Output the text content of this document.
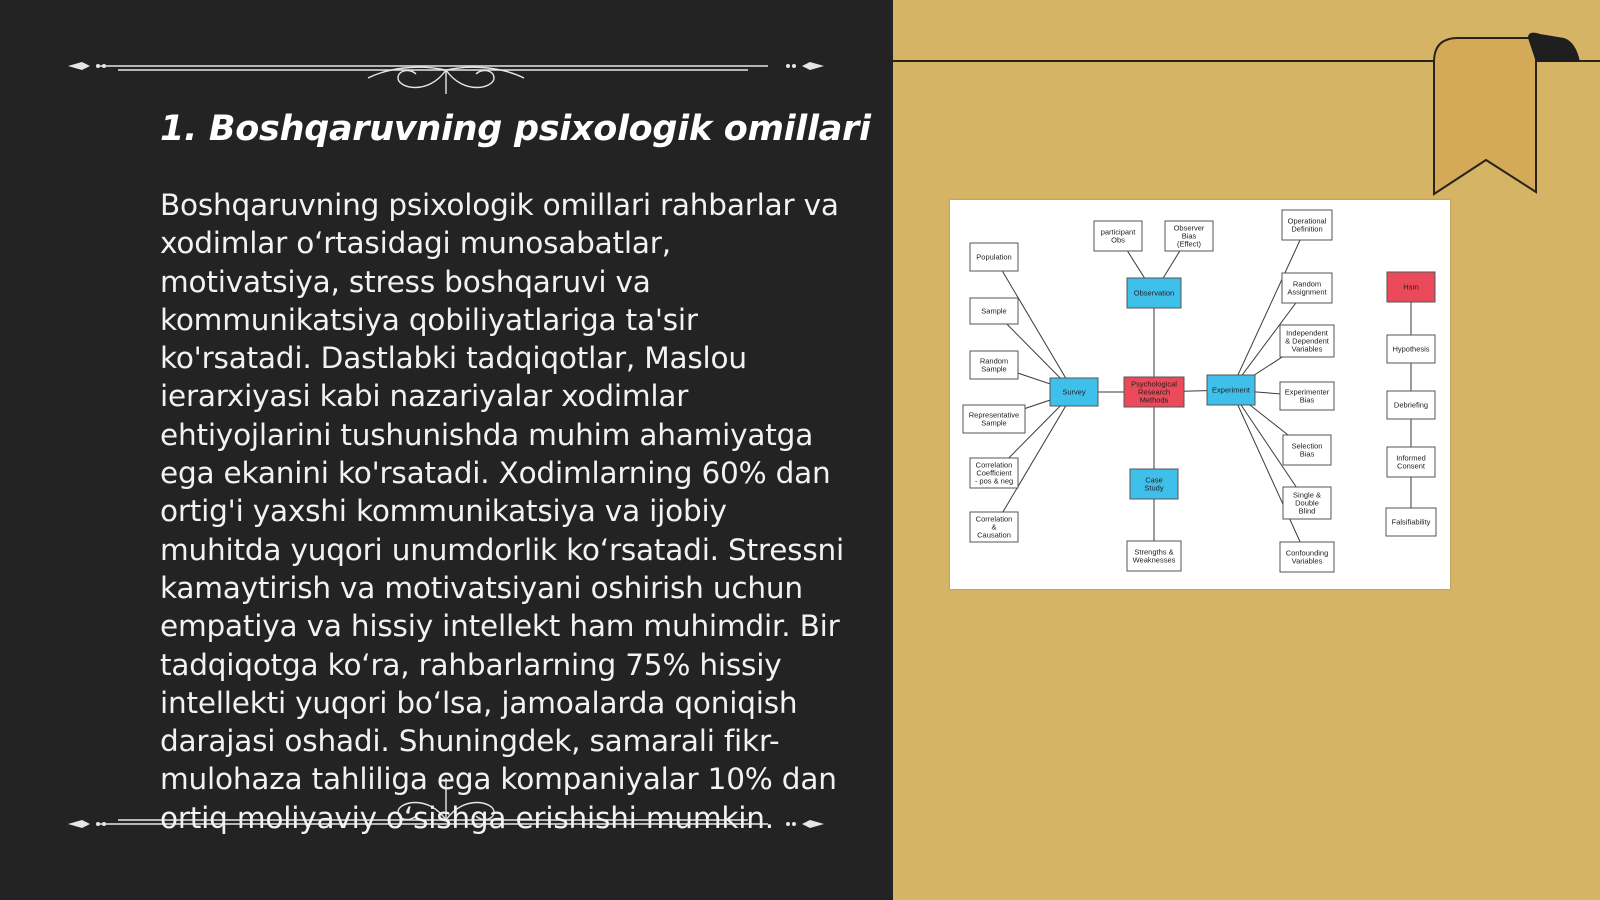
1. Boshqaruvning psixologik omillari
Boshqaruvning psixologik omillari rahbarlar va xodimlar o‘rtasidagi munosabatlar, motivatsiya, stress boshqaruvi va kommunikatsiya qobiliyatlariga ta'sir ko'rsatadi. Dastlabki tadqiqotlar, Maslou ierarxiyasi kabi nazariyalar xodimlar ehtiyojlarini tushunishda muhim ahamiyatga ega ekanini ko'rsatadi. Xodimlarning 60% dan ortig'i yaxshi kommunikatsiya va ijobiy muhitda yuqori unumdorlik ko‘rsatadi. Stressni kamaytirish va motivatsiyani oshirish uchun empatiya va hissiy intellekt ham muhimdir. Bir tadqiqotga ko‘ra, rahbarlarning 75% hissiy intellekti yuqori bo‘lsa, jamoalarda qoniqish darajasi oshadi. Shuningdek, samarali fikr-mulohaza tahliliga ega kompaniyalar 10% dan ortiq moliyaviy o‘sishga erishishi mumkin.
Population
Sample
Random
Sample
Representative
Sample
Correlation
Coefficient
- pos & neg
Correlation
&
Causation
participant
Obs
Observer
Bias
(Effect)
Observation
Survey
Psychological
Research
Methods
Experiment
Case
Study
Strengths &
Weaknesses
Operational
Definition
Random
Assignment
Independent
& Dependent
Variables
Experimenter
Bias
Selection
Bias
Single &
Double
Blind
Confounding
Variables
Hsm
Hypothesis
Debriefing
Informed
Consent
Falsifiability
